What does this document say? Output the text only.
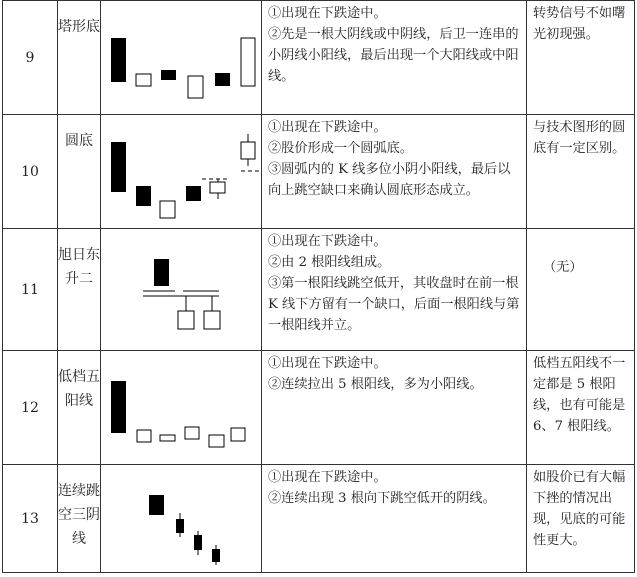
9	塔形底		①出现在下跌途中。
②先是一根大阴线或中阴线，后卫一连串的小阴线小阳线，最后出现一个大阳线或中阳线。	转势信号不如曙光初现强。
10	圆底		①出现在下跌途中。
②股价形成一个圆弧底。
③圆弧内的 K 线多位小阴小阳线，最后以向上跳空缺口来确认圆底形态成立。	与技术图形的圆底有一定区别。
11	旭日东升二		①出现在下跌途中。
②由 2 根阳线组成。
③第一根阳线跳空低开，其收盘时在前一根 K 线下方留有一个缺口，后面一根阳线与第一根阳线并立。	（无）

12	低档五阳线		①出现在下跌途中。
②连续拉出 5 根阳线，多为小阳线。	低档五阳线不一定都是 5 根阳线，也有可能是 6、7 根阳线。
13	连续跳空三阴线		①出现在下跌途中。
②连续出现 3 根向下跳空低开的阴线。	如股价已有大幅下挫的情况出现，见底的可能性更大。
